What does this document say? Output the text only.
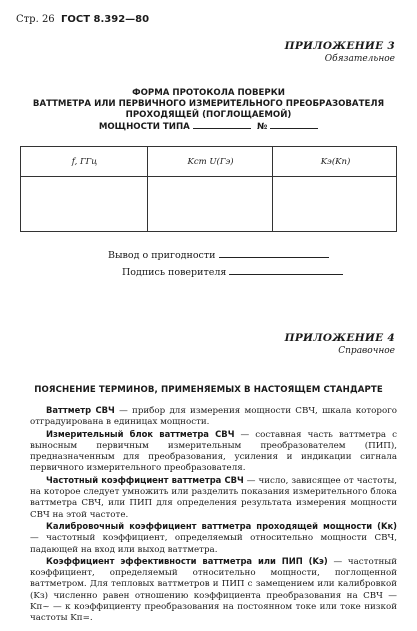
Стр. 26 ГОСТ 8.392—80
ПРИЛОЖЕНИЕ 3
Обязательное
ФОРМА ПРОТОКОЛА ПОВЕРКИ
ВАТТМЕТРА ИЛИ ПЕРВИЧНОГО ИЗМЕРИТЕЛЬНОГО ПРЕОБРАЗОВАТЕЛЯ
ПРОХОДЯЩЕЙ (ПОГЛОЩАЕМОЙ)
МОЩНОСТИ ТИПА	№
f, ГГц	Kст U(Гэ)	Kэ(Kп)
Вывод о пригодности
Подпись поверителя
ПРИЛОЖЕНИЕ 4
Справочное
ПОЯСНЕНИЕ ТЕРМИНОВ, ПРИМЕНЯЕМЫХ В НАСТОЯЩЕМ СТАНДАРТЕ

Ваттметр СВЧ — прибор для измерения мощности СВЧ, шкала которого отградуирована в единицах мощности.

Измерительный блок ваттметра СВЧ — составная часть ваттметра с выносным первичным измерительным преобразователем (ПИП), предназначенным для преобразования, усиления и индикации сигнала первичного измерительного преобразователя.

Частотный коэффициент ваттметра СВЧ — число, зависящее от частоты, на которое следует умножить или разделить показания измерительного блока ваттметра СВЧ, или ПИП для определения результата измерения мощности СВЧ на этой частоте.

Калибровочный коэффициент ваттметра проходящей мощности (Kк) — частотный коэффициент, определяемый относительно мощности СВЧ, падающей на вход или выход ваттметра.

Коэффициент эффективности ваттметра или ПИП (Kэ) — частотный коэффициент, определяемый относительно мощности, поглощенной ваттметром. Для тепловых ваттметров и ПИП с замещением или калибровкой (Kз) численно равен отношению коэффициента преобразования на СВЧ — Kп~ — к коэффициенту преобразования на постоянном токе или токе низкой частоты Kп=.
